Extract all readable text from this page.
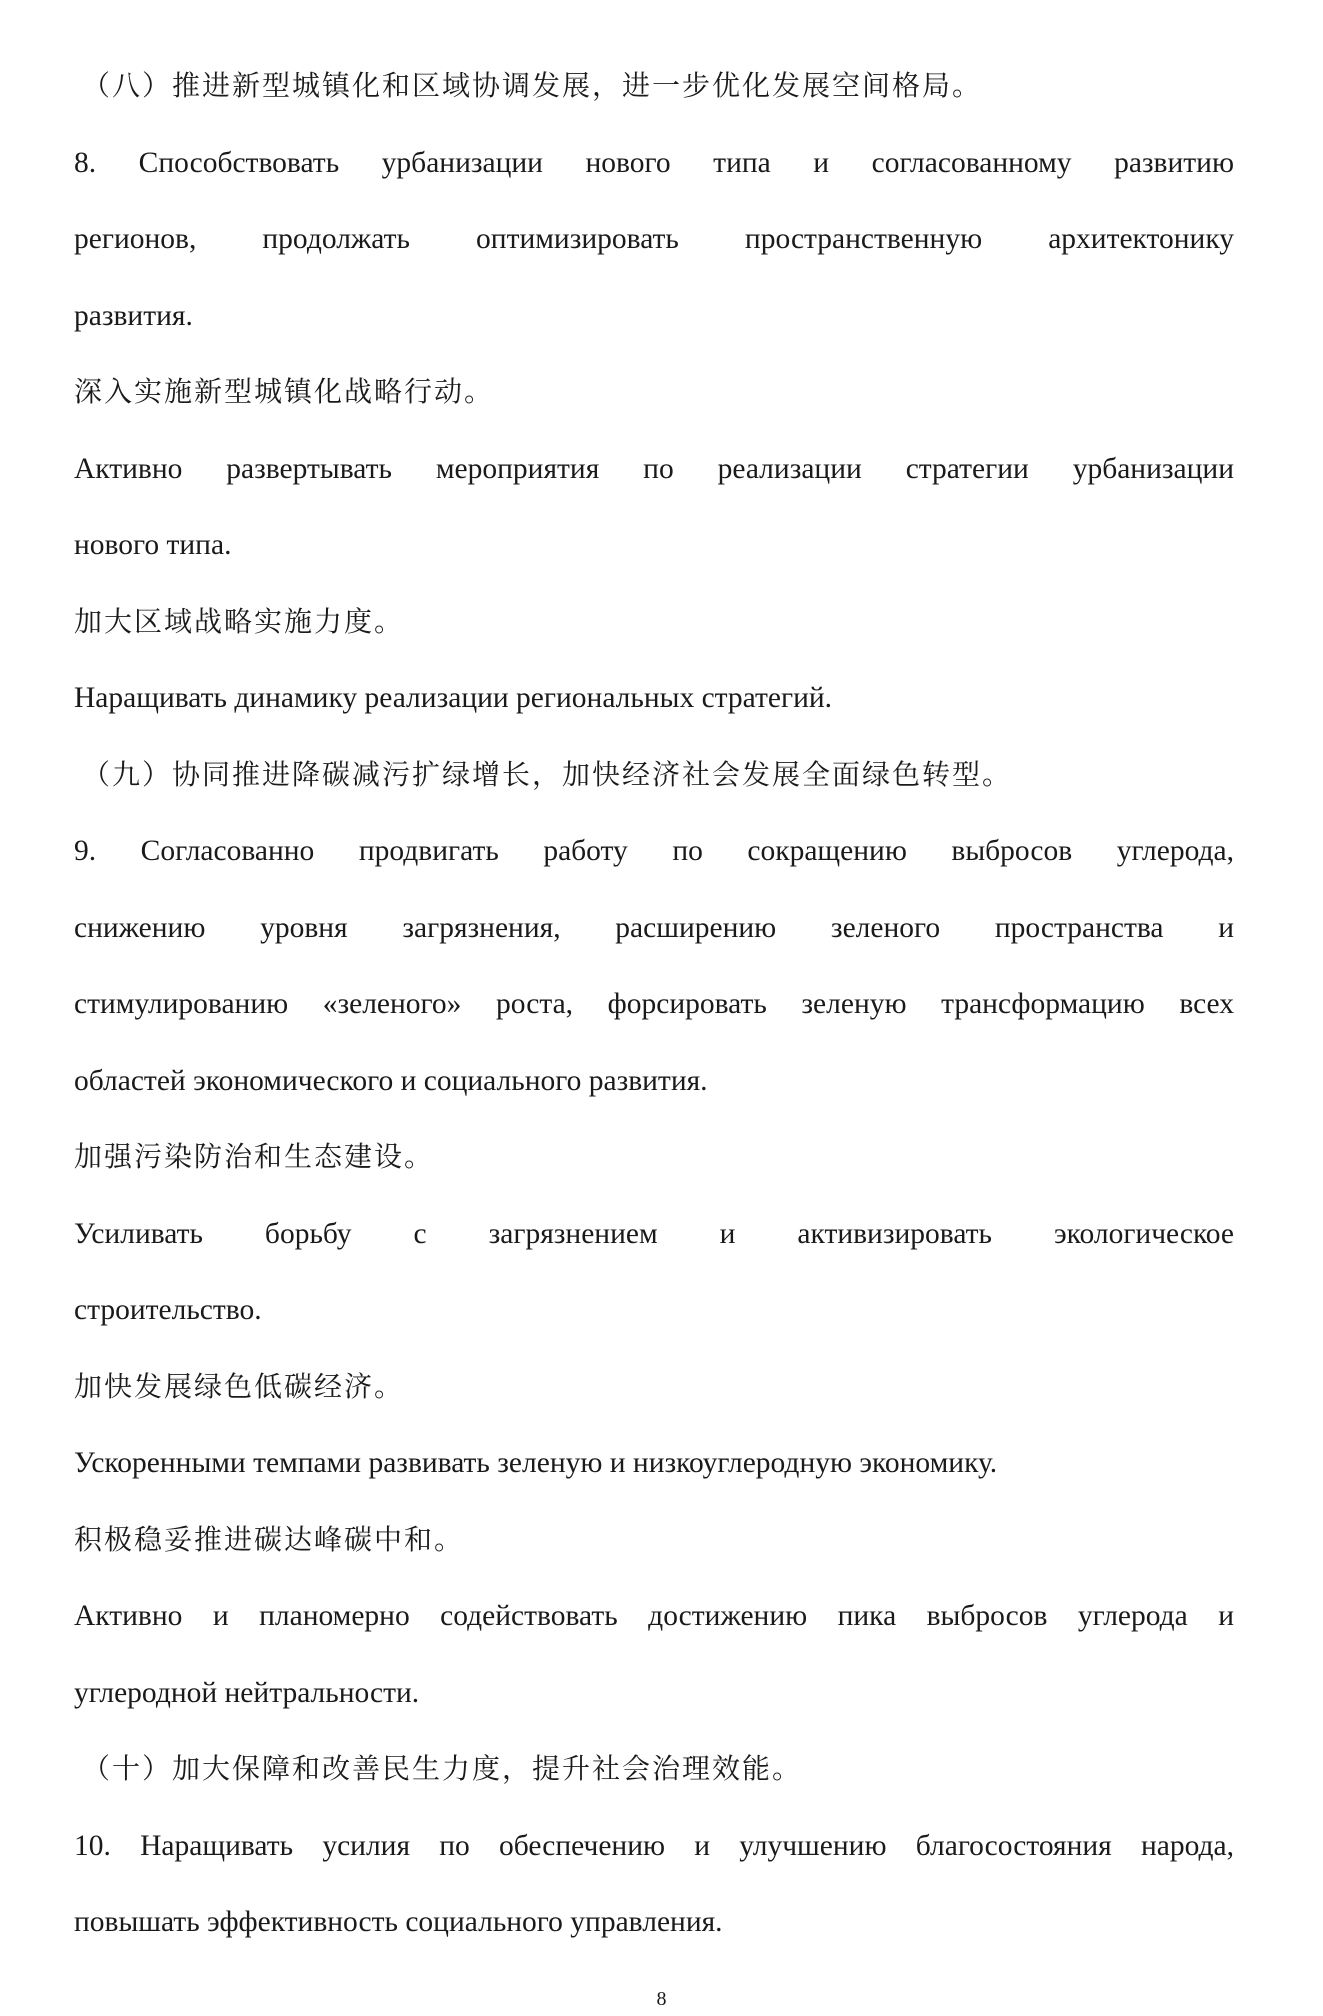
（八）推进新型城镇化和区域协调发展，进一步优化发展空间格局。
8. Способствовать урбанизации нового типа и согласованному развитию
регионов, продолжать оптимизировать пространственную архитектонику
развития.
深入实施新型城镇化战略行动。
Активно развертывать мероприятия по реализации стратегии урбанизации
нового типа.
加大区域战略实施力度。
Наращивать динамику реализации региональных стратегий.
（九）协同推进降碳减污扩绿增长，加快经济社会发展全面绿色转型。
9. Согласованно продвигать работу по сокращению выбросов углерода,
снижению уровня загрязнения, расширению зеленого пространства и
стимулированию «зеленого» роста, форсировать зеленую трансформацию всех
областей экономического и социального развития.
加强污染防治和生态建设。
Усиливать борьбу с загрязнением и активизировать экологическое
строительство.
加快发展绿色低碳经济。
Ускоренными темпами развивать зеленую и низкоуглеродную экономику.
积极稳妥推进碳达峰碳中和。
Активно и планомерно содействовать достижению пика выбросов углерода и
углеродной нейтральности.
（十）加大保障和改善民生力度，提升社会治理效能。
10. Наращивать усилия по обеспечению и улучшению благосостояния народа,
повышать эффективность социального управления.
8
